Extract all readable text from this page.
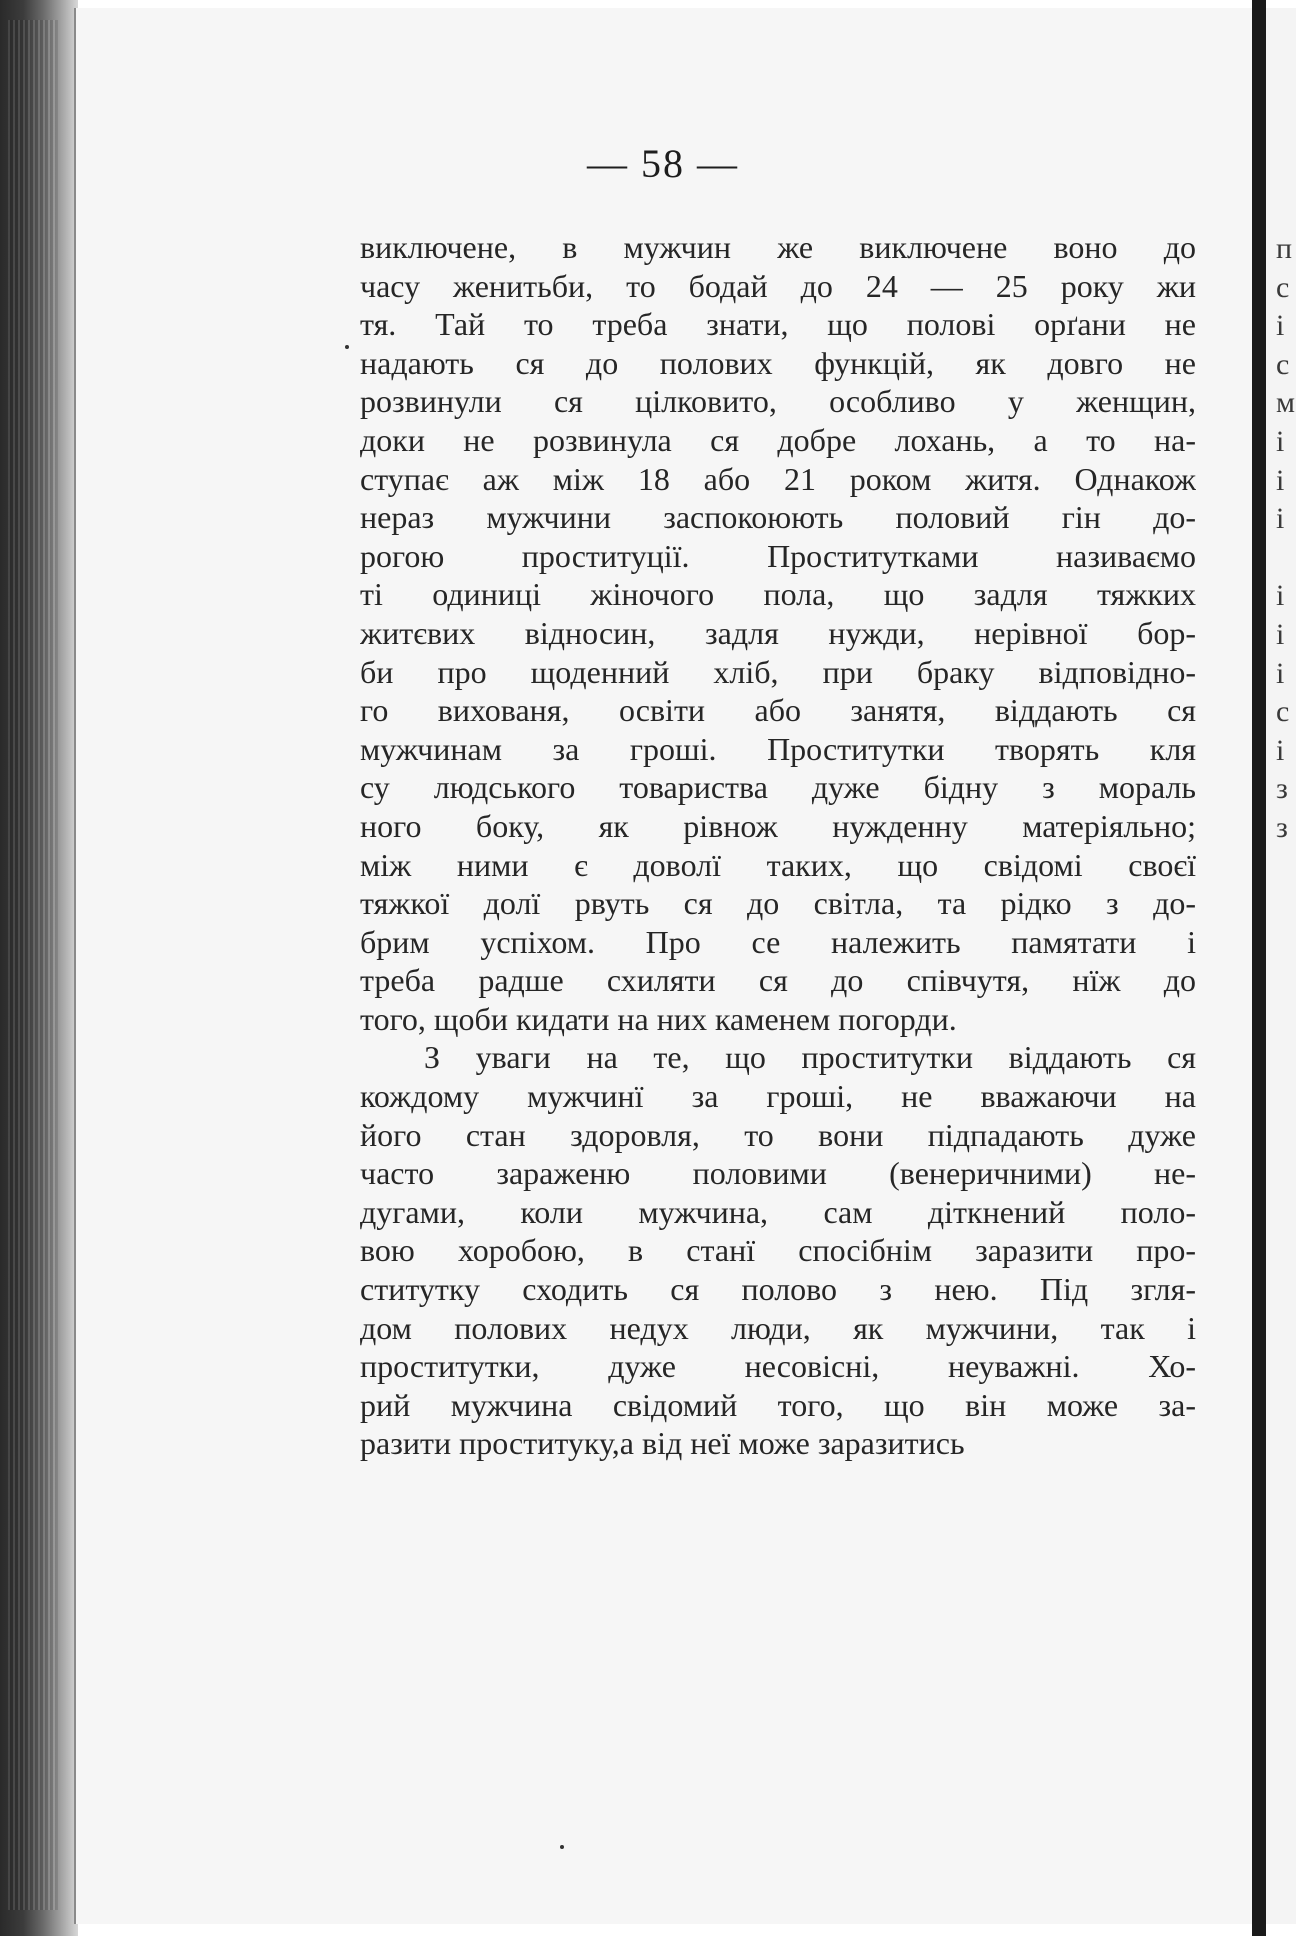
п
с
і
с
м
і
і
і

і
і
і
с
і
з
з
— 58 —
виключене, в мужчин же виключене воно до
часу женитьби, то бодай до 24 — 25 року жи
тя. Тай то треба знати, що полові орґани не
надають ся до полових функцій, як довго не
розвинули ся цілковито, особливо у женщин,
доки не розвинула ся добре лохань, а то на-
ступає аж між 18 або 21 роком житя. Однакож
нераз мужчини заспокоюють половий гін до-
рогою проституції. Проститутками називаємо
ті одиниці жіночого пола, що задля тяжких
житєвих відносин, задля нужди, нерівної бор-
би про щоденний хліб, при браку відповідно-
го вихованя, освіти або занятя, віддають ся
мужчинам за гроші. Проститутки творять кля
су людського товариства дуже бідну з мораль
ного боку, як рівнож нужденну матеріяльно;
між ними є доволї таких, що свідомі своєї
тяжкої долї рвуть ся до світла, та рідко з до-
брим успіхом. Про се належить памятати і
треба радше схиляти ся до співчутя, нїж до
того, щоби кидати на них каменем погорди.
З уваги на те, що проститутки віддають ся
кождому мужчинї за гроші, не вважаючи на
його стан здоровля, то вони підпадають дуже
часто зараженю половими (венеричними) не-
дугами, коли мужчина, сам діткнений поло-
вою хоробою, в станї спосібнім заразити про-
ститутку сходить ся полово з нею. Під згля-
дом полових недух люди, як мужчини, так і
проститутки, дуже несовісні, неуважні. Хо-
рий мужчина свідомий того, що він може за-
разити проституку,а від неї може заразитись
